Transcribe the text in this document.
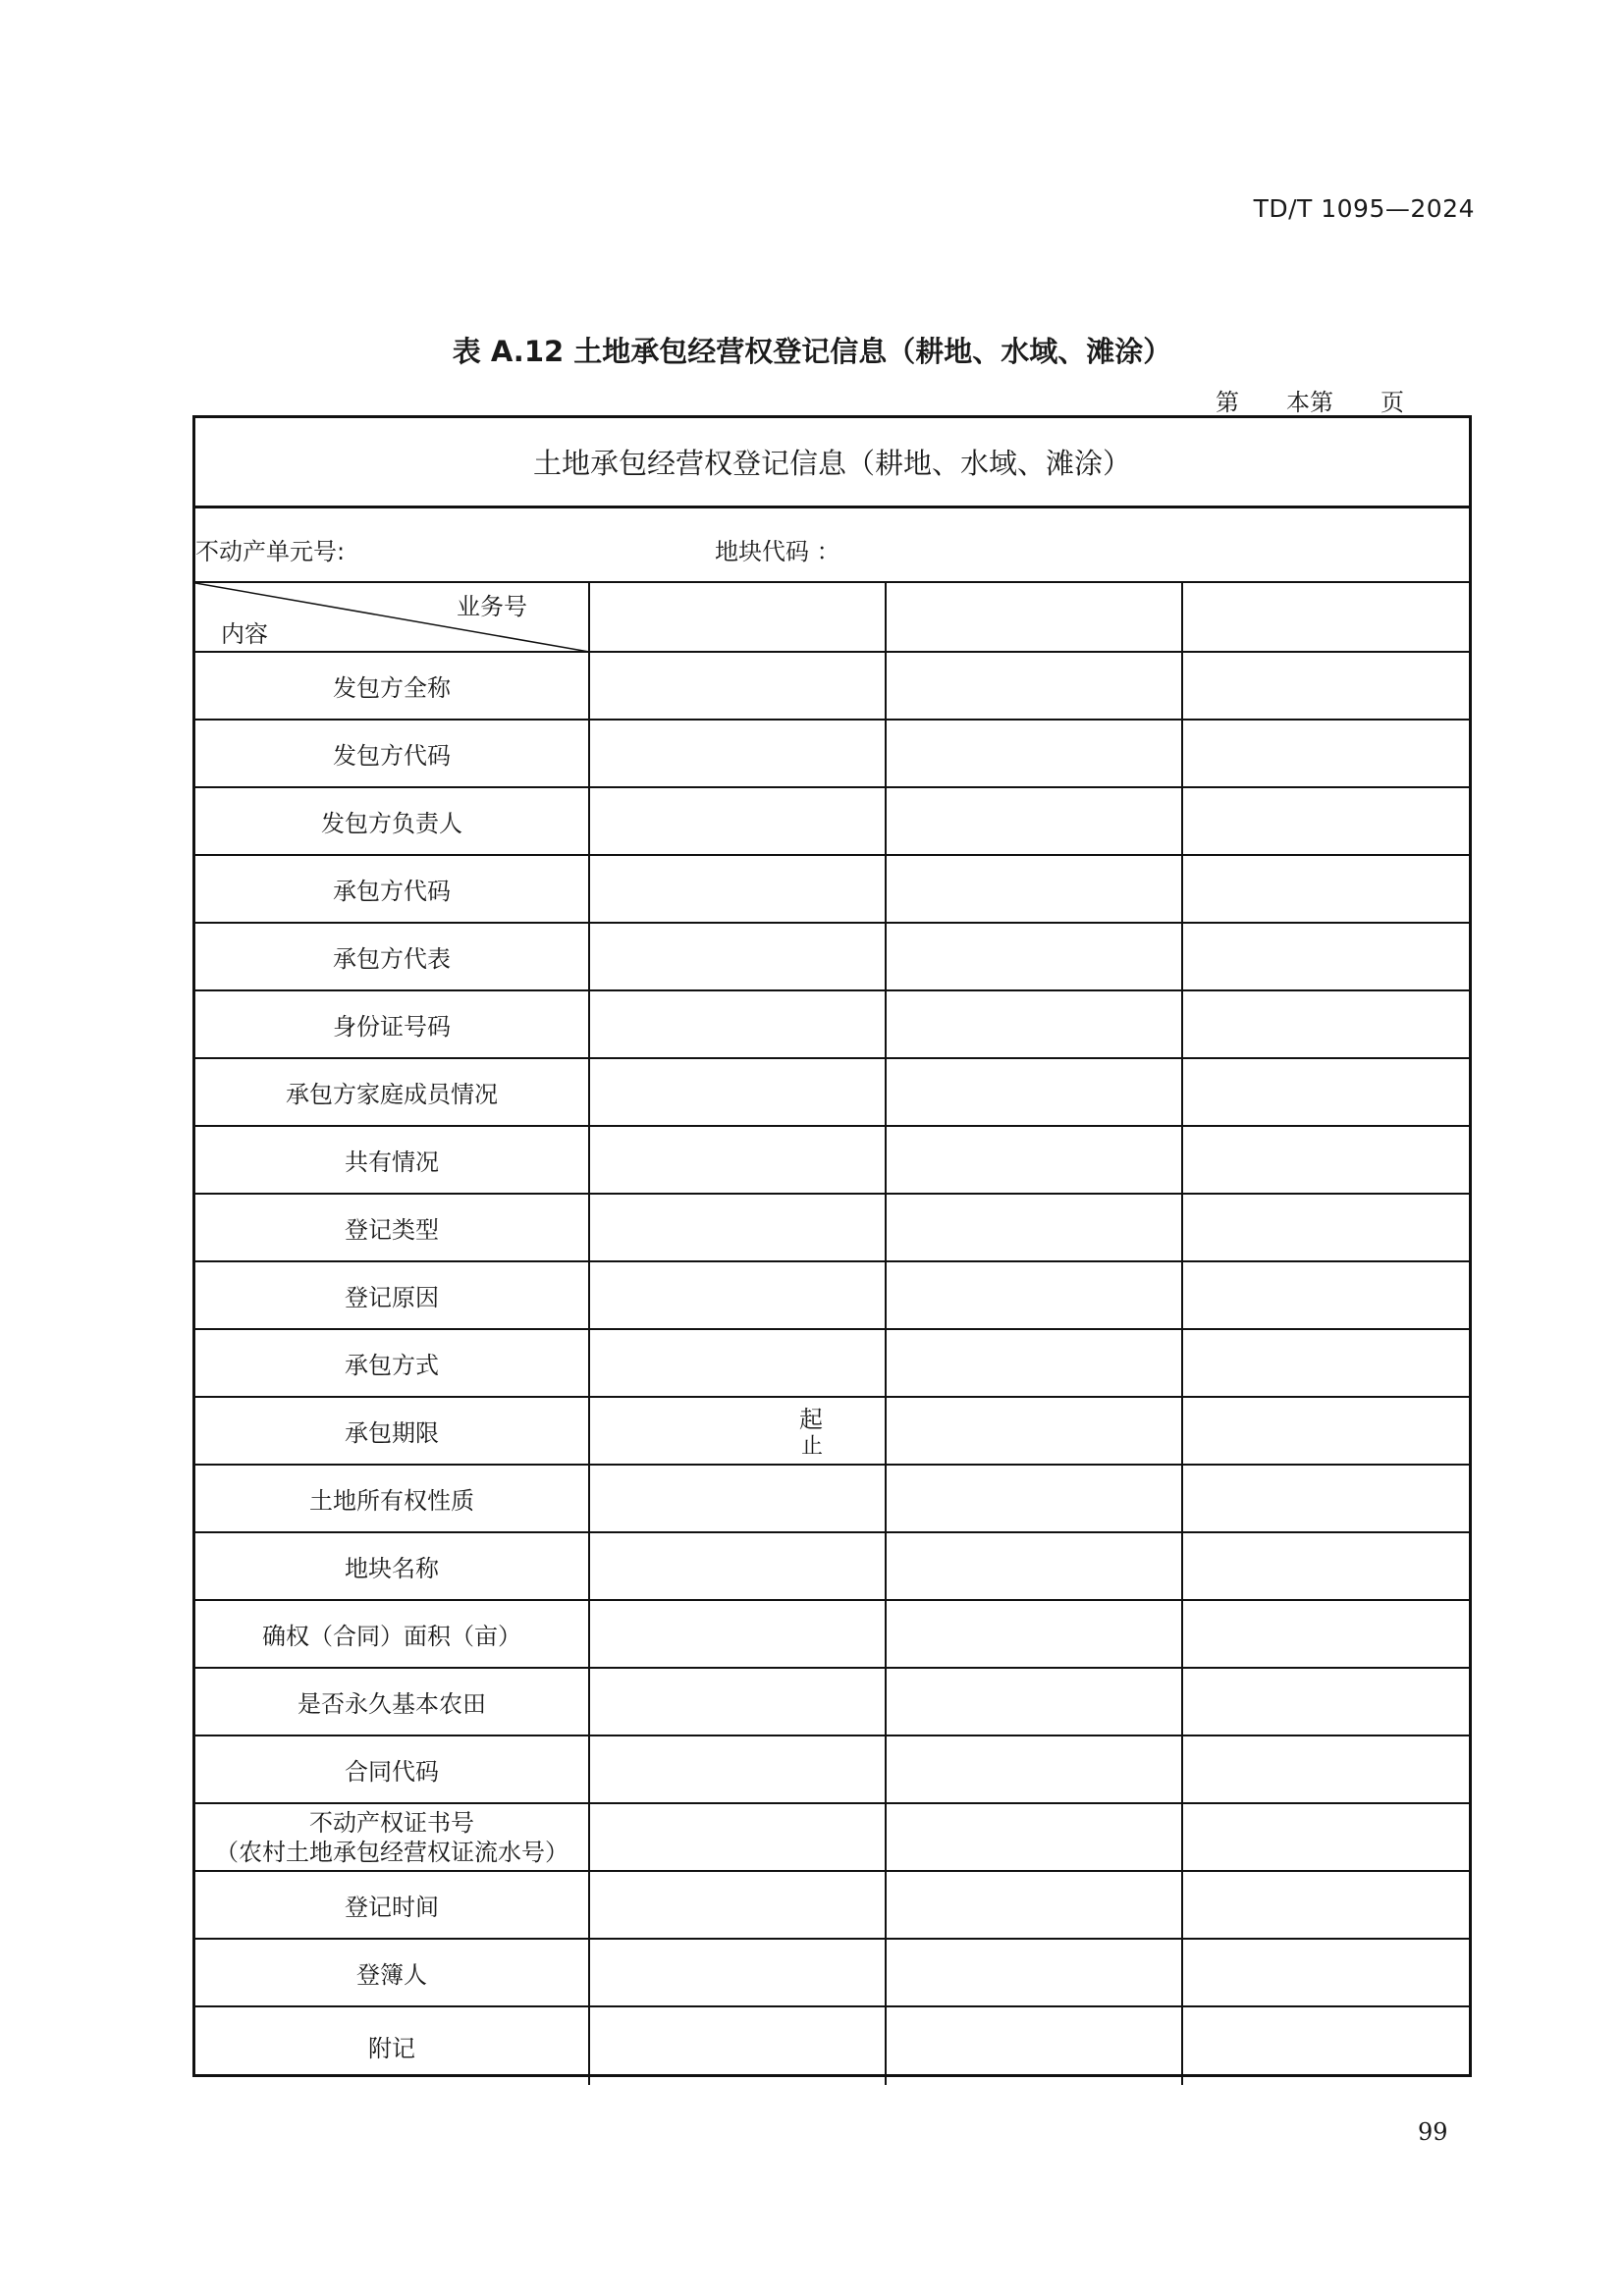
TD/T 1095—2024
表 A.12 土地承包经营权登记信息（耕地、水域、滩涂）
第 本第 页
土地承包经营权登记信息（耕地、水域、滩涂）
不动产单元号:	地块代码 ：
业务号
内容			

发包方全称			
发包方代码			
发包方负责人			
承包方代码			
承包方代表			
身份证号码			
承包方家庭成员情况			
共有情况			
登记类型			
登记原因			
承包方式			
承包期限	起
止		

土地所有权性质			
地块名称			
确权（合同）面积（亩）			
是否永久基本农田			
合同代码			

不动产权证书号
（农村土地承包经营权证流水号）			

登记时间			
登簿人			
附记			
99
